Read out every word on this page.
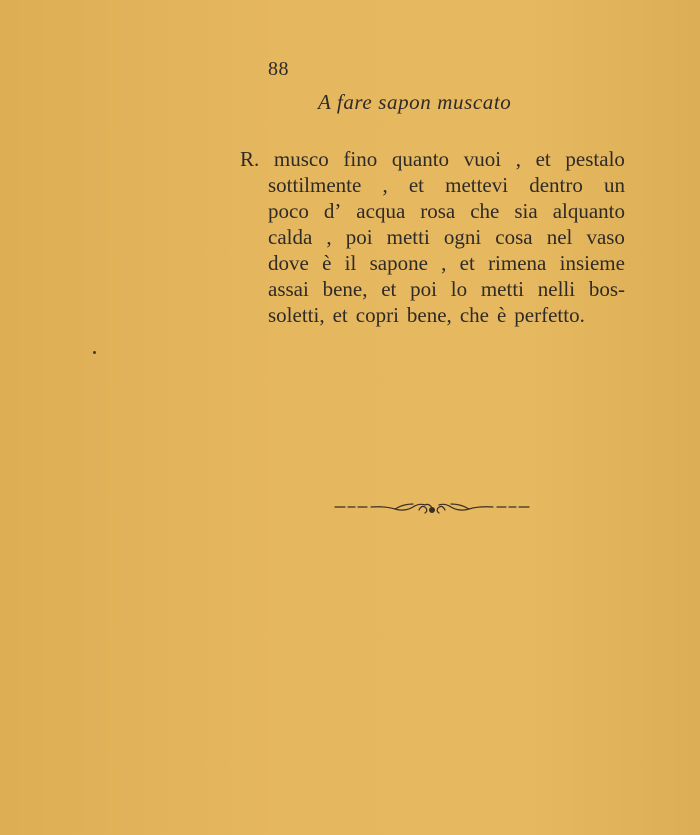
88
A fare sapon muscato
R. musco fino quanto vuoi , et pestalo
sottilmente , et mettevi dentro un
poco d’ acqua rosa che sia alquanto
calda , poi metti ogni cosa nel vaso
dove è il sapone , et rimena insieme
assai bene, et poi lo metti nelli bos-
soletti, et copri bene, che è perfetto.
